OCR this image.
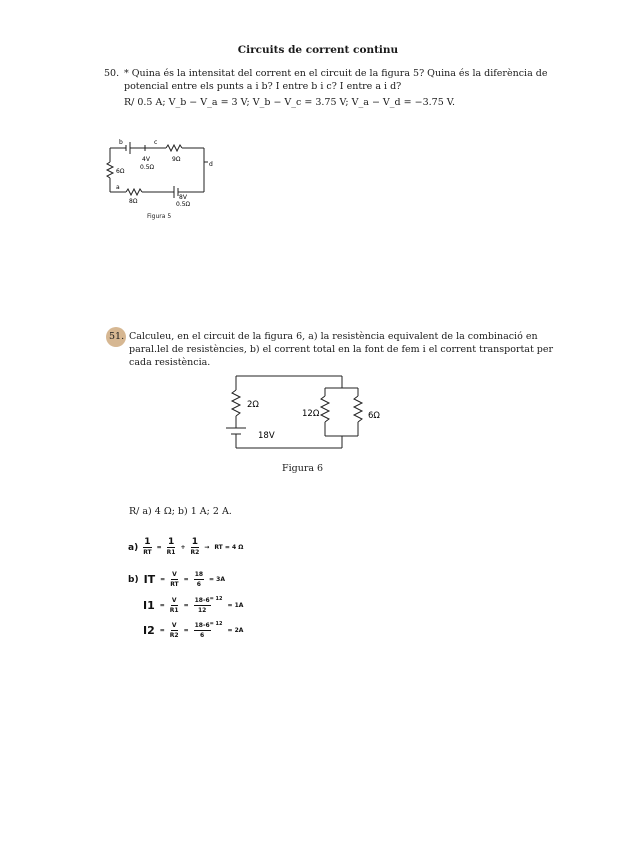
Circuits de corrent continu
50. * Quina és la intensitat del corrent en el circuit de la figura 5? Quina és la diferència de
potencial entre els punts a i b? I entre b i c? I entre a i d?
R/ 0.5 A; V_b − V_a = 3 V; V_b − V_c = 3.75 V; V_a − V_d = −3.75 V.
b	c
d
a
6Ω
9Ω
8Ω
4V
0.5Ω
8V
0.5Ω
Figura 5
51. Calculeu, en el circuit de la figura 6, a) la resistència equivalent de la combinació en
paral.lel de resistències, b) el corrent total en la font de fem i el corrent transportat per
cada resistència.
2Ω
12Ω	6Ω
18V
Figura 6
R/ a) 4 Ω; b) 1 A; 2 A.
$a) \frac{1}{RT} = \frac{1}{R1} + \frac{1}{R2}$ → RT = 4 Ω
b) IT = $\frac{V}{RT} = \frac{18}{6} = 3A$
$I1 = \frac{V}{R1} = \frac{18-6}{12} = 12$
= 1A
$I2 = \frac{V}{R2} = \frac{18-6}{6} = 12$
= 2A
